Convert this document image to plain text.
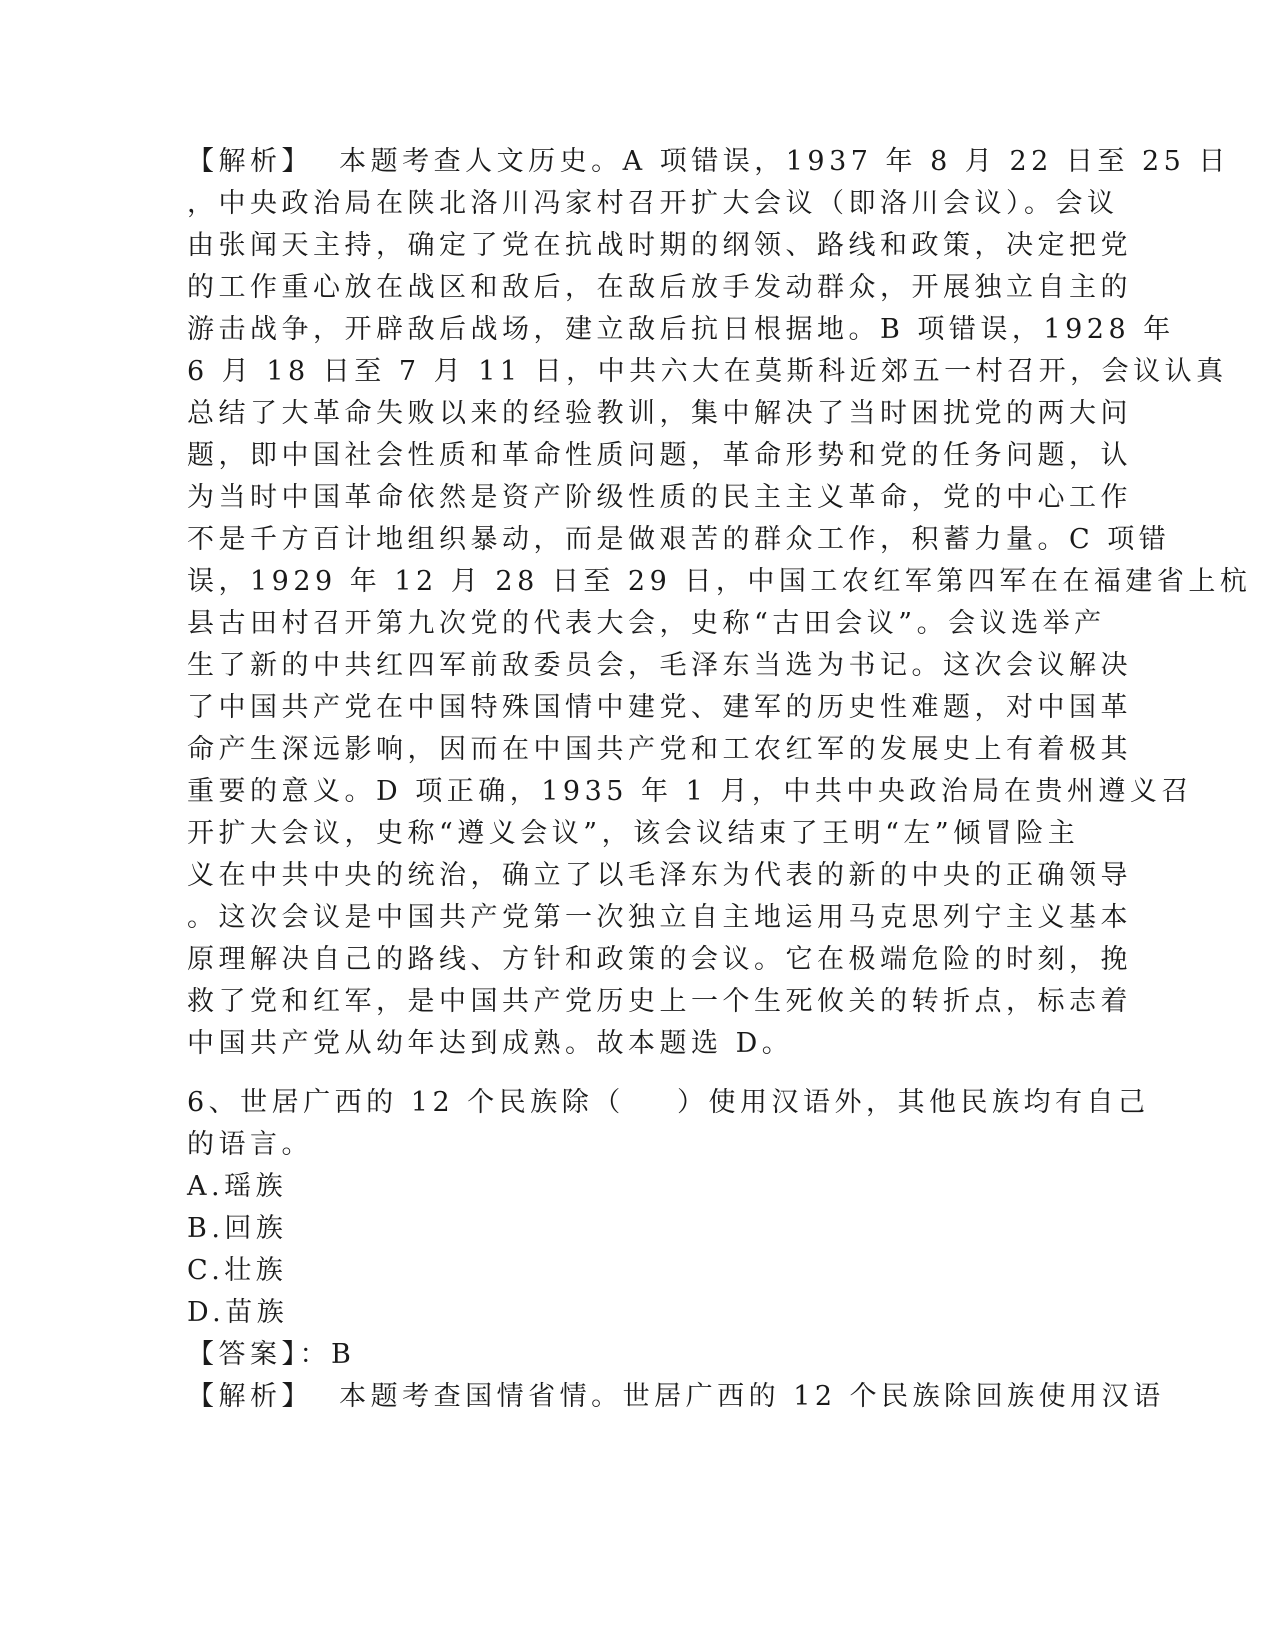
【解析】  本题考查人文历史。A 项错误，1937 年 8 月 22 日至 25 日

，中央政治局在陕北洛川冯家村召开扩大会议（即洛川会议）。会议

由张闻天主持，确定了党在抗战时期的纲领、路线和政策，决定把党

的工作重心放在战区和敌后，在敌后放手发动群众，开展独立自主的

游击战争，开辟敌后战场，建立敌后抗日根据地。B 项错误，1928 年

6 月 18 日至 7 月 11 日，中共六大在莫斯科近郊五一村召开，会议认真

总结了大革命失败以来的经验教训，集中解决了当时困扰党的两大问

题，即中国社会性质和革命性质问题，革命形势和党的任务问题，认

为当时中国革命依然是资产阶级性质的民主主义革命，党的中心工作

不是千方百计地组织暴动，而是做艰苦的群众工作，积蓄力量。C 项错

误，1929 年 12 月 28 日至 29 日，中国工农红军第四军在在福建省上杭

县古田村召开第九次党的代表大会，史称“古田会议”。会议选举产

生了新的中共红四军前敌委员会，毛泽东当选为书记。这次会议解决

了中国共产党在中国特殊国情中建党、建军的历史性难题，对中国革

命产生深远影响，因而在中国共产党和工农红军的发展史上有着极其

重要的意义。D 项正确，1935 年 1 月，中共中央政治局在贵州遵义召

开扩大会议，史称“遵义会议”，该会议结束了王明“左”倾冒险主

义在中共中央的统治，确立了以毛泽东为代表的新的中央的正确领导

。这次会议是中国共产党第一次独立自主地运用马克思列宁主义基本

原理解决自己的路线、方针和政策的会议。它在极端危险的时刻，挽

救了党和红军，是中国共产党历史上一个生死攸关的转折点，标志着

中国共产党从幼年达到成熟。故本题选 D。

6、世居广西的 12 个民族除（    ）使用汉语外，其他民族均有自己

的语言。

A.瑶族

B.回族

C.壮族

D.苗族

【答案】：B

【解析】  本题考查国情省情。世居广西的 12 个民族除回族使用汉语
